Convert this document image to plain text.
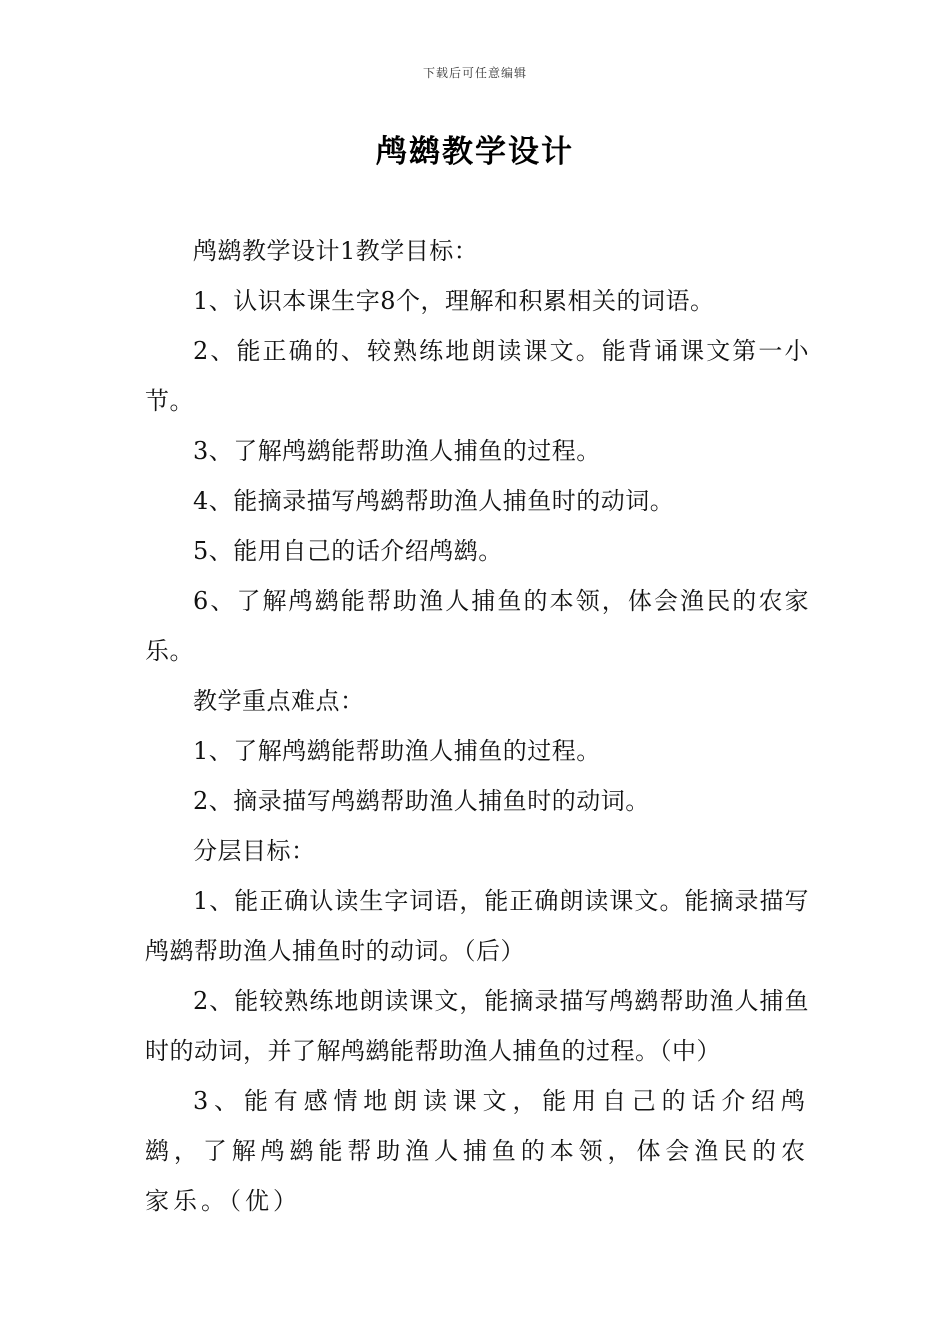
下载后可任意编辑
鸬鹚教学设计

鸬鹚教学设计1教学目标：

1、认识本课生字8个，理解和积累相关的词语。

2、能正确的、较熟练地朗读课文。能背诵课文第一小节。

3、了解鸬鹚能帮助渔人捕鱼的过程。

4、能摘录描写鸬鹚帮助渔人捕鱼时的动词。

5、能用自己的话介绍鸬鹚。

6、了解鸬鹚能帮助渔人捕鱼的本领，体会渔民的农家乐。

教学重点难点：

1、了解鸬鹚能帮助渔人捕鱼的过程。

2、摘录描写鸬鹚帮助渔人捕鱼时的动词。

分层目标：

1、能正确认读生字词语，能正确朗读课文。能摘录描写鸬鹚帮助渔人捕鱼时的动词。（后）

2、能较熟练地朗读课文，能摘录描写鸬鹚帮助渔人捕鱼时的动词，并了解鸬鹚能帮助渔人捕鱼的过程。（中）

3、能有感情地朗读课文，能用自己的话介绍鸬鹚，了解鸬鹚能帮助渔人捕鱼的本领，体会渔民的农家乐。（优）
